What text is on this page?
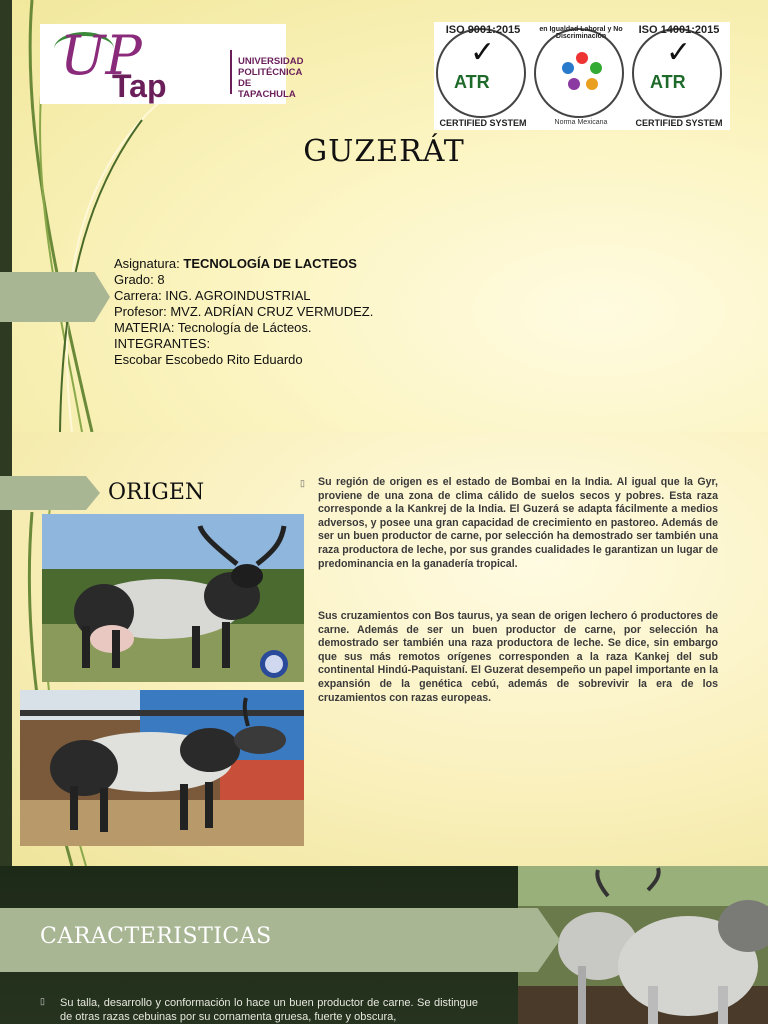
UP
Tap
UNIVERSIDAD
POLITÉCNICA
DE TAPACHULA
ISO 9001:2015
✓
ATR
CERTIFIED SYSTEM
en Igualdad Laboral y No Discriminación
Norma Mexicana
ISO 14001:2015
✓
ATR
CERTIFIED SYSTEM
GUZERÁT
Asignatura: TECNOLOGÍA DE LACTEOS
Grado: 8
Carrera: ING. AGROINDUSTRIAL
Profesor: MVZ. ADRÍAN CRUZ VERMUDEZ.
MATERIA: Tecnología de Lácteos.
INTEGRANTES:
Escobar Escobedo Rito Eduardo
ORIGEN	▯ Su región de origen es el estado de Bombai en la India. Al igual que la Gyr, proviene de una zona de clima cálido de suelos secos y pobres. Esta raza corresponde a la Kankrej de la India. El Guzerá se adapta fácilmente a medios adversos, y posee una gran capacidad de crecimiento en pastoreo. Además de ser un buen productor de carne, por selección ha demostrado ser también una raza productora de leche, por sus grandes cualidades le garantizan un lugar de predominancia en la ganadería tropical.
Sus cruzamientos con Bos taurus, ya sean de origen lechero ó productores de carne. Además de ser un buen productor de carne, por selección ha demostrado ser también una raza productora de leche. Se dice, sin embargo que sus más remotos orígenes corresponden a la raza Kankej del sub continental Hindú-Paquistaní. El Guzerat desempeño un papel importante en la expansión de la genética cebú, además de sobrevivir la era de los cruzamientos con razas europeas.
CARACTERISTICAS
▯ Su talla, desarrollo y conformación lo hace un buen productor de carne. Se distingue de otras razas cebuinas por su cornamenta gruesa, fuerte y obscura,
